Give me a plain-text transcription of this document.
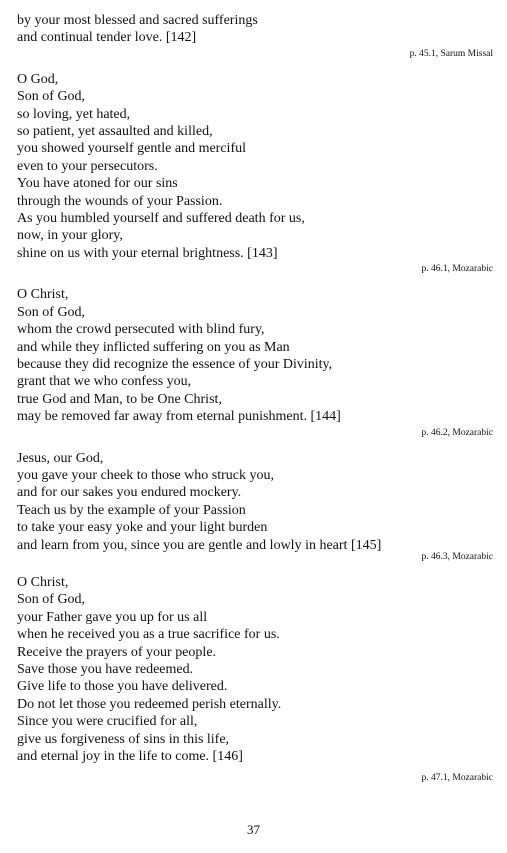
by your most blessed and sacred sufferings
and continual tender love. [142]
p. 45.1, Sarum Missal
O God,
Son of God,
so loving, yet hated,
so patient, yet assaulted and killed,
you showed yourself gentle and merciful
even to your persecutors.
You have atoned for our sins
through the wounds of your Passion.
As you humbled yourself and suffered death for us,
now, in your glory,
shine on us with your eternal brightness. [143]
p. 46.1, Mozarabic
O Christ,
Son of God,
whom the crowd persecuted with blind fury,
and while they inflicted suffering on you as Man
because they did recognize the essence of your Divinity,
grant that we who confess you,
true God and Man, to be One Christ,
may be removed far away from eternal punishment. [144]
p. 46.2, Mozarabic
Jesus, our God,
you gave your cheek to those who struck you,
and for our sakes you endured mockery.
Teach us by the example of your Passion
to take your easy yoke and your light burden
and learn from you, since you are gentle and lowly in heart [145]
p. 46.3, Mozarabic
O Christ,
Son of God,
your Father gave you up for us all
when he received you as a true sacrifice for us.
Receive the prayers of your people.
Save those you have redeemed.
Give life to those you have delivered.
Do not let those you redeemed perish eternally.
Since you were crucified for all,
give us forgiveness of sins in this life,
and eternal joy in the life to come. [146]
p. 47.1, Mozarabic
37
